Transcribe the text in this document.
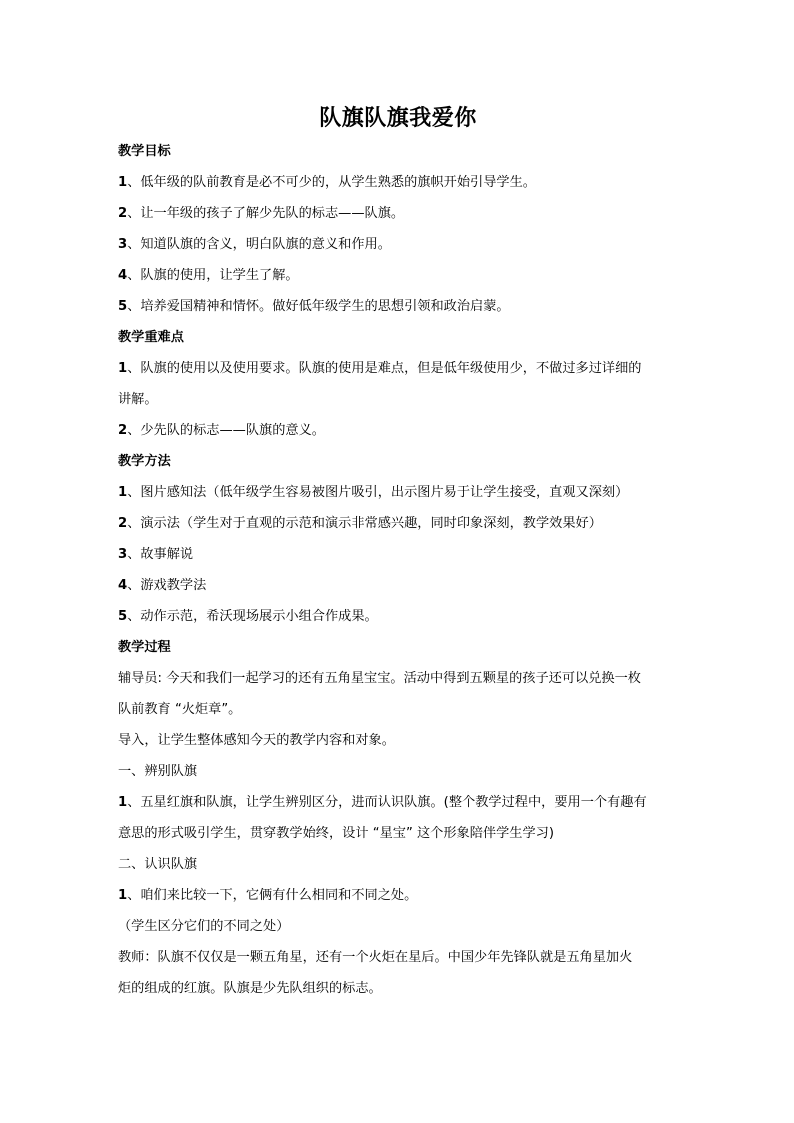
队旗队旗我爱你

教学目标

1、低年级的队前教育是必不可少的，从学生熟悉的旗帜开始引导学生。

2、让一年级的孩子了解少先队的标志——队旗。

3、知道队旗的含义，明白队旗的意义和作用。

4、队旗的使用，让学生了解。

5、培养爱国精神和情怀。做好低年级学生的思想引领和政治启蒙。

教学重难点

1、队旗的使用以及使用要求。队旗的使用是难点，但是低年级使用少，不做过多过详细的

讲解。

2、少先队的标志——队旗的意义。

教学方法

1、图片感知法（低年级学生容易被图片吸引，出示图片易于让学生接受，直观又深刻）

2、演示法（学生对于直观的示范和演示非常感兴趣，同时印象深刻，教学效果好）

3、故事解说

4、游戏教学法

5、动作示范，希沃现场展示小组合作成果。

教学过程

辅导员: 今天和我们一起学习的还有五角星宝宝。活动中得到五颗星的孩子还可以兑换一枚

队前教育 “火炬章”。

导入，让学生整体感知今天的教学内容和对象。

一、辨别队旗

1、五星红旗和队旗，让学生辨别区分，进而认识队旗。(整个教学过程中，要用一个有趣有

意思的形式吸引学生，贯穿教学始终，设计 “星宝” 这个形象陪伴学生学习)

二、认识队旗

1、咱们来比较一下，它俩有什么相同和不同之处。

（学生区分它们的不同之处）

教师：队旗不仅仅是一颗五角星，还有一个火炬在星后。中国少年先锋队就是五角星加火

炬的组成的红旗。队旗是少先队组织的标志。
